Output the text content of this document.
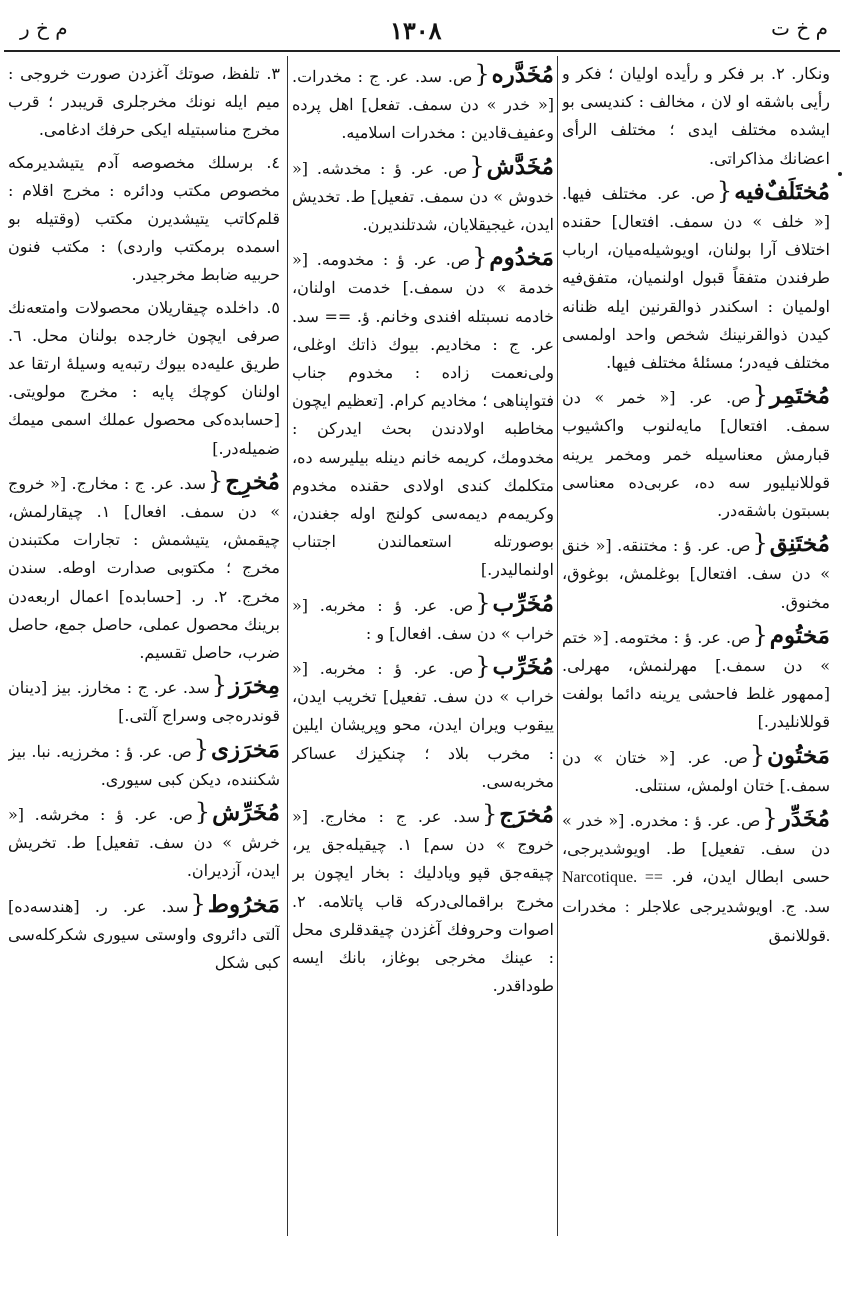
م خ ر	١٣٠٨	م خ ت

ونکار. ٢. بر فکر و رأیده اولیان ؛ فکر و رأیی باشقه او لان ، مخالف : کندیسی بو ایشده مختلف ایدی ؛ مختلف الرأی اعضانك مذاکراتی.

مُختَلَفٌ‌فیه{ص. عر. مختلف فیها. [« خلف » دن سمف. افتعال] حقنده اختلاف آرا بولنان، اویوشیله‌میان، ارباب طرفندن متفقاً قبول اولنمیان، متفق‌فیه اولمیان : اسکندر ذوالقرنین ایله ظنانه کیدن ذوالقرنینك شخص واحد اولمسی مختلف فیه‌در؛ مسئلهٔ مختلف فیها.

مُختَمِر{ص. عر. [« خمر » دن سمف. افتعال] مایه‌لنوب واکشیوب قبارمش معناسیله خمر ومخمر یرینه قوللانیلیور سه ده، عربی‌ده معناسی بسبتون باشقه‌در.

مُختَنِق{ص. عر. ؤ : مختنقه. [« خنق » دن سف. افتعال] بوغلمش، بوغوق، مخنوق.

مَختُوم{ص. عر. ؤ : مختومه. [« ختم » دن سمف.] مهرلنمش، مهرلی. [ممهور غلط فاحشی یرینه دائما بولفت قوللانلیدر.]

مَختُون{ص. عر. [« ختان » دن سمف.] ختان اولمش، سنتلی.

مُخَدِّر{ص. عر. ؤ : مخدره. [« خدر » دن سف. تفعیل] ط. اویوشدیرجی، حسی ابطال ایدن، فر. Narcotique. == سد. ج. اویوشدیرجی علاجلر : مخدرات قوللانمق.

مُخَدَّره{ص. سد. عر. ج : مخدرات. [« خدر » دن سمف. تفعل] اهل پرده وعفیف‌قادین : مخدرات اسلامیه.

مُخَدَّش{ص. عر. ؤ : مخدشه. [« خدوش » دن سمف. تفعیل] ط. تخدیش ایدن، غیجیقلایان، شدتلندیرن.

مَخدُوم{ص. عر. ؤ : مخدومه. [« خدمة » دن سمف.] خدمت اولنان، خادمه نسبتله افندی وخانم. ؤ. == سد. عر. ج : مخادیم. بیوك ذاتك اوغلی، ولی‌نعمت زاده : مخدوم جناب فتواپناهی ؛ مخادیم کرام. [تعظیم ایچون مخاطبه اولادندن بحث ایدرکن : مخدومك، کریمه خانم دینله بیلیرسه ده، متکلمك کندی اولادی حقنده مخدوم وکریمه‌م دیمه‌سی کولنج اوله جغندن، بوصورتله استعمالندن اجتناب اولنمالیدر.]

مُخَرِّب{ص. عر. ؤ : مخربه. [« خراب » دن سف. افعال] و :

مُخَرِّب{ص. عر. ؤ : مخربه. [« خراب » دن سف. تفعیل] تخریب ایدن، ییقوب ویران ایدن، محو وپریشان ایلین : مخرب بلاد ؛ چنکیزك عساکر مخربه‌سی.

مُخرَج{سد. عر. ج : مخارج. [« خروج » دن سم] ١. چیقیله‌جق یر، چیقه‌جق قپو ویادلیك : بخار ایچون بر مخرج براقمالی‌درکه قاب پاتلامه. ٢. اصوات وحروفك آغزدن چیقدقلری محل : عینك مخرجی بوغاز، بانك ایسه طوداقدر.

٣. تلفظ، صوتك آغزدن صورت خروجی : میم ایله نونك مخرجلری قریبدر ؛ قرب مخرج مناسبتیله ایکی حرفك ادغامی.

٤. برسلك مخصوصه آدم یتیشدیرمکه مخصوص مکتب ودائره : مخرج اقلام : قلم‌کاتب یتیشدیرن مکتب (وقتیله بو اسمده برمکتب واردی) : مکتب فنون حربیه ضابط مخرجیدر.

٥. داخلده چیقاریلان محصولات وامتعه‌نك صرفی ایچون خارجده بولنان محل. ٦. طریق علیه‌ده بیوك رتبه‌یه وسیلهٔ ارتقا عد اولنان کوچك پایه : مخرج مولویتی. [حسابده‌کی محصول عملك اسمی میمك ضمیله‌در.]

مُخرِج{سد. عر. ج : مخارج. [« خروج » دن سمف. افعال] ١. چیقارلمش، چیقمش، یتیشمش : تجارات مکتبندن مخرج ؛ مکتوبی صدارت اوطه. سندن مخرج. ٢. ر. [حسابده] اعمال اربعه‌دن برینك محصول عملی، حاصل جمع، حاصل ضرب، حاصل تقسیم.

مِخرَز{سد. عر. ج : مخارز. بیز [دینان قوندره‌جی وسراج آلتی.]

مَخرَزی{ص. عر. ؤ : مخرزیه. نبا. بیز شکننده، دیکن کبی سیوری.

مُخَرِّش{ص. عر. ؤ : مخرشه. [« خرش » دن سف. تفعیل] ط. تخریش ایدن، آزدیران.

مَخرُوط{سد. عر. ر. [هندسه‌ده] آلتی دائروی واوستی سیوری شکرکله‌سی کبی شکل
